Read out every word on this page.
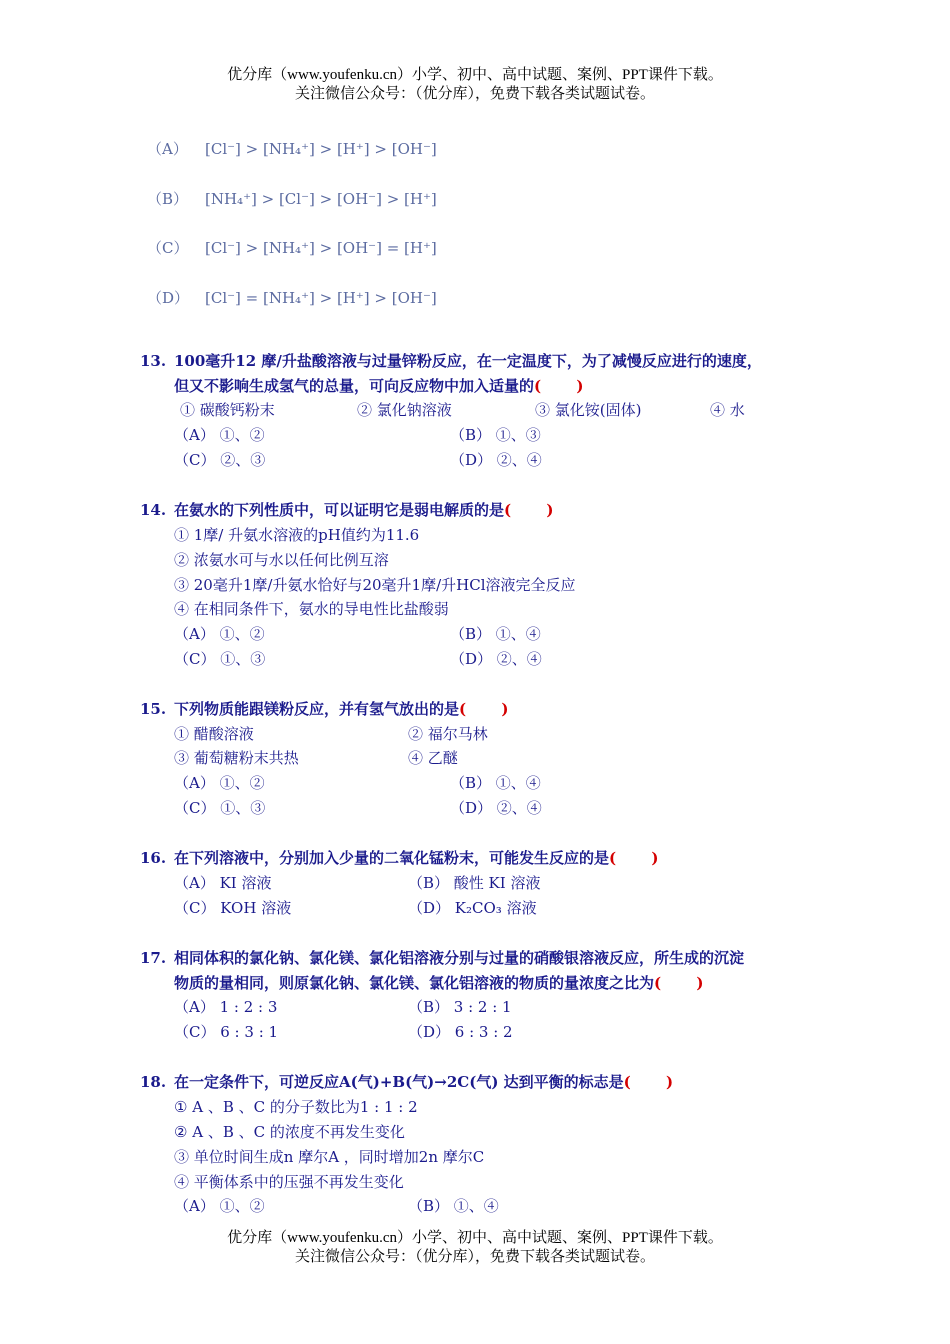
优分库（www.youfenku.cn）小学、初中、高中试题、案例、PPT课件下载。
关注微信公众号：（优分库），免费下载各类试题试卷。
（A） [Cl⁻] > [NH₄⁺] > [H⁺] > [OH⁻]
（B） [NH₄⁺] > [Cl⁻] > [OH⁻] > [H⁺]
（C） [Cl⁻] > [NH₄⁺] > [OH⁻] = [H⁺]
（D） [Cl⁻] = [NH₄⁺] > [H⁺] > [OH⁻]
13. 100毫升12 摩/升盐酸溶液与过量锌粉反应，在一定温度下，为了减慢反应进行的速度，
但又不影响生成氢气的总量，可向反应物中加入适量的(　　 )
① 碳酸钙粉末	② 氯化钠溶液	③ 氯化铵(固体)	④ 水
（A） ①、②	（B） ①、③
（C） ②、③	（D） ②、④
14. 在氨水的下列性质中，可以证明它是弱电解质的是(　　 )
① 1摩/ 升氨水溶液的pH值约为11.6
② 浓氨水可与水以任何比例互溶
③ 20毫升1摩/升氨水恰好与20毫升1摩/升HCl溶液完全反应
④ 在相同条件下，氨水的导电性比盐酸弱
（A） ①、②	（B） ①、④
（C） ①、③	（D） ②、④
15. 下列物质能跟镁粉反应，并有氢气放出的是(　　 )
① 醋酸溶液	② 福尔马林
③ 葡萄糖粉末共热	④ 乙醚
（A） ①、②	（B） ①、④
（C） ①、③	（D） ②、④
16. 在下列溶液中，分别加入少量的二氧化锰粉末，可能发生反应的是(　　 )
（A） KI 溶液	（B） 酸性 KI 溶液
（C） KOH 溶液	（D） K₂CO₃ 溶液
17. 相同体积的氯化钠、氯化镁、氯化铝溶液分别与过量的硝酸银溶液反应，所生成的沉淀
物质的量相同，则原氯化钠、氯化镁、氯化铝溶液的物质的量浓度之比为(　　 )
（A） 1 : 2 : 3	（B） 3 : 2 : 1
（C） 6 : 3 : 1	（D） 6 : 3 : 2
18. 在一定条件下，可逆反应A(气)+B(气)→2C(气) 达到平衡的标志是(　　 )
① A 、B 、C 的分子数比为1 : 1 : 2
② A 、B 、C 的浓度不再发生变化
③ 单位时间生成n 摩尔A ，同时增加2n 摩尔C
④ 平衡体系中的压强不再发生变化
（A） ①、②	（B） ①、④
优分库（www.youfenku.cn）小学、初中、高中试题、案例、PPT课件下载。
关注微信公众号：（优分库），免费下载各类试题试卷。
